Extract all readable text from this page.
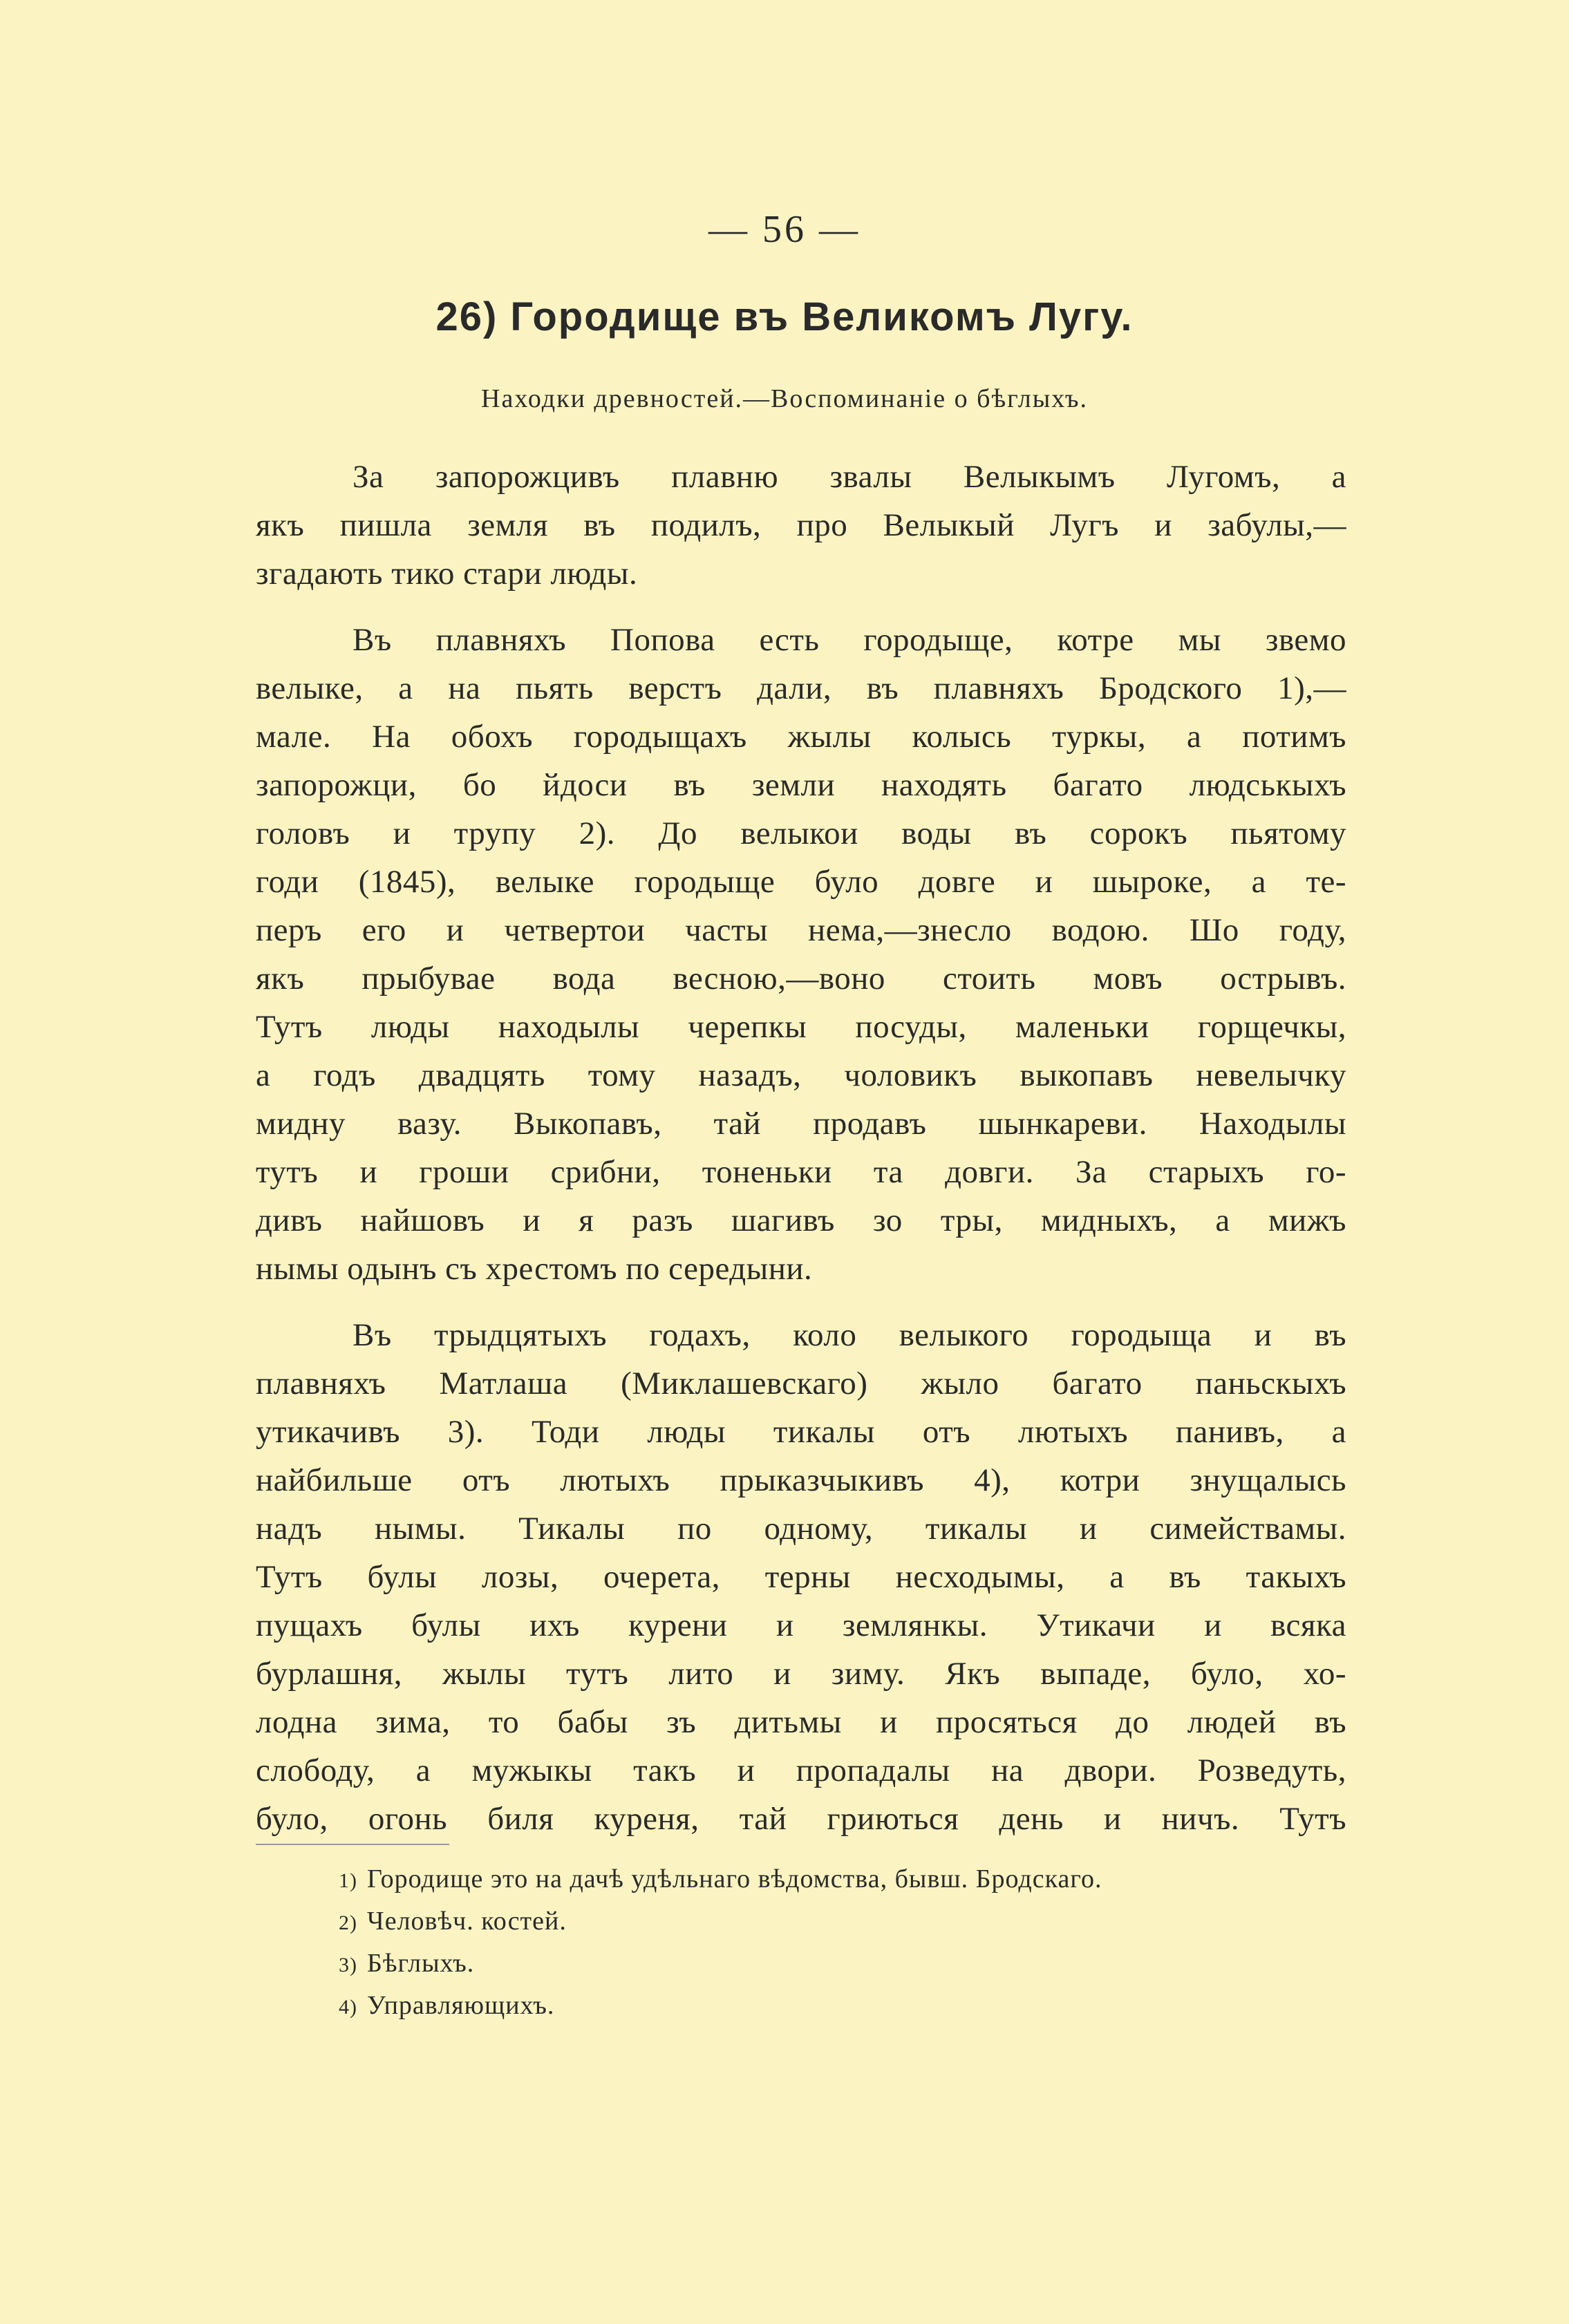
— 56 —
26) Городище въ Великомъ Лугу.
Находки древностей.—Воспоминаніе о бѣглыхъ.
За запорожцивъ плавню звалы Велыкымъ Лугомъ, а
якъ пишла земля въ подилъ, про Велыкый Лугъ и забулы,—
згадають тико стари люды.
Въ плавняхъ Попова есть городыще, котре мы звемо
велыке, а на пьять верстъ дали, въ плавняхъ Бродского 1),—
мале. На обохъ городыщахъ жылы колысь туркы, а потимъ
запорожци, бо йдоси въ земли находять багато людськыхъ
головъ и трупу 2). До велыкои воды въ сорокъ пьятому
годи (1845), велыке городыще було довге и шыроке, а те-
перъ его и четвертои часты нема,—знесло водою. Шо году,
якъ прыбувае вода весною,—воно стоить мовъ острывъ.
Тутъ люды находылы черепкы посуды, маленьки горщечкы,
а годъ двадцять тому назадъ, чоловикъ выкопавъ невелычку
мидну вазу. Выкопавъ, тай продавъ шынкареви. Находылы
тутъ и гроши срибни, тоненьки та довги. За старыхъ го-
дивъ найшовъ и я разъ шагивъ зо тры, мидныхъ, а мижъ
нымы одынъ съ хрестомъ по середыни.
Въ трыдцятыхъ годахъ, коло велыкого городыща и въ
плавняхъ Матлаша (Миклашевскаго) жыло багато паньскыхъ
утикачивъ 3). Тоди люды тикалы отъ лютыхъ панивъ, а
найбильше отъ лютыхъ прыказчыкивъ 4), котри знущалысь
надъ нымы. Тикалы по одному, тикалы и симействамы.
Тутъ булы лозы, очерета, терны несходымы, а въ такыхъ
пущахъ булы ихъ курени и землянкы. Утикачи и всяка
бурлашня, жылы тутъ лито и зиму. Якъ выпаде, було, хо-
лодна зима, то бабы зъ дитьмы и просяться до людей въ
слободу, а мужыкы такъ и пропадалы на двори. Розведуть,
було, огонь биля куреня, тай гриються день и ничъ. Тутъ
1) Городище это на дачѣ удѣльнаго вѣдомства, бывш. Бродскаго.
2) Человѣч. костей.
3) Бѣглыхъ.
4) Управляющихъ.
